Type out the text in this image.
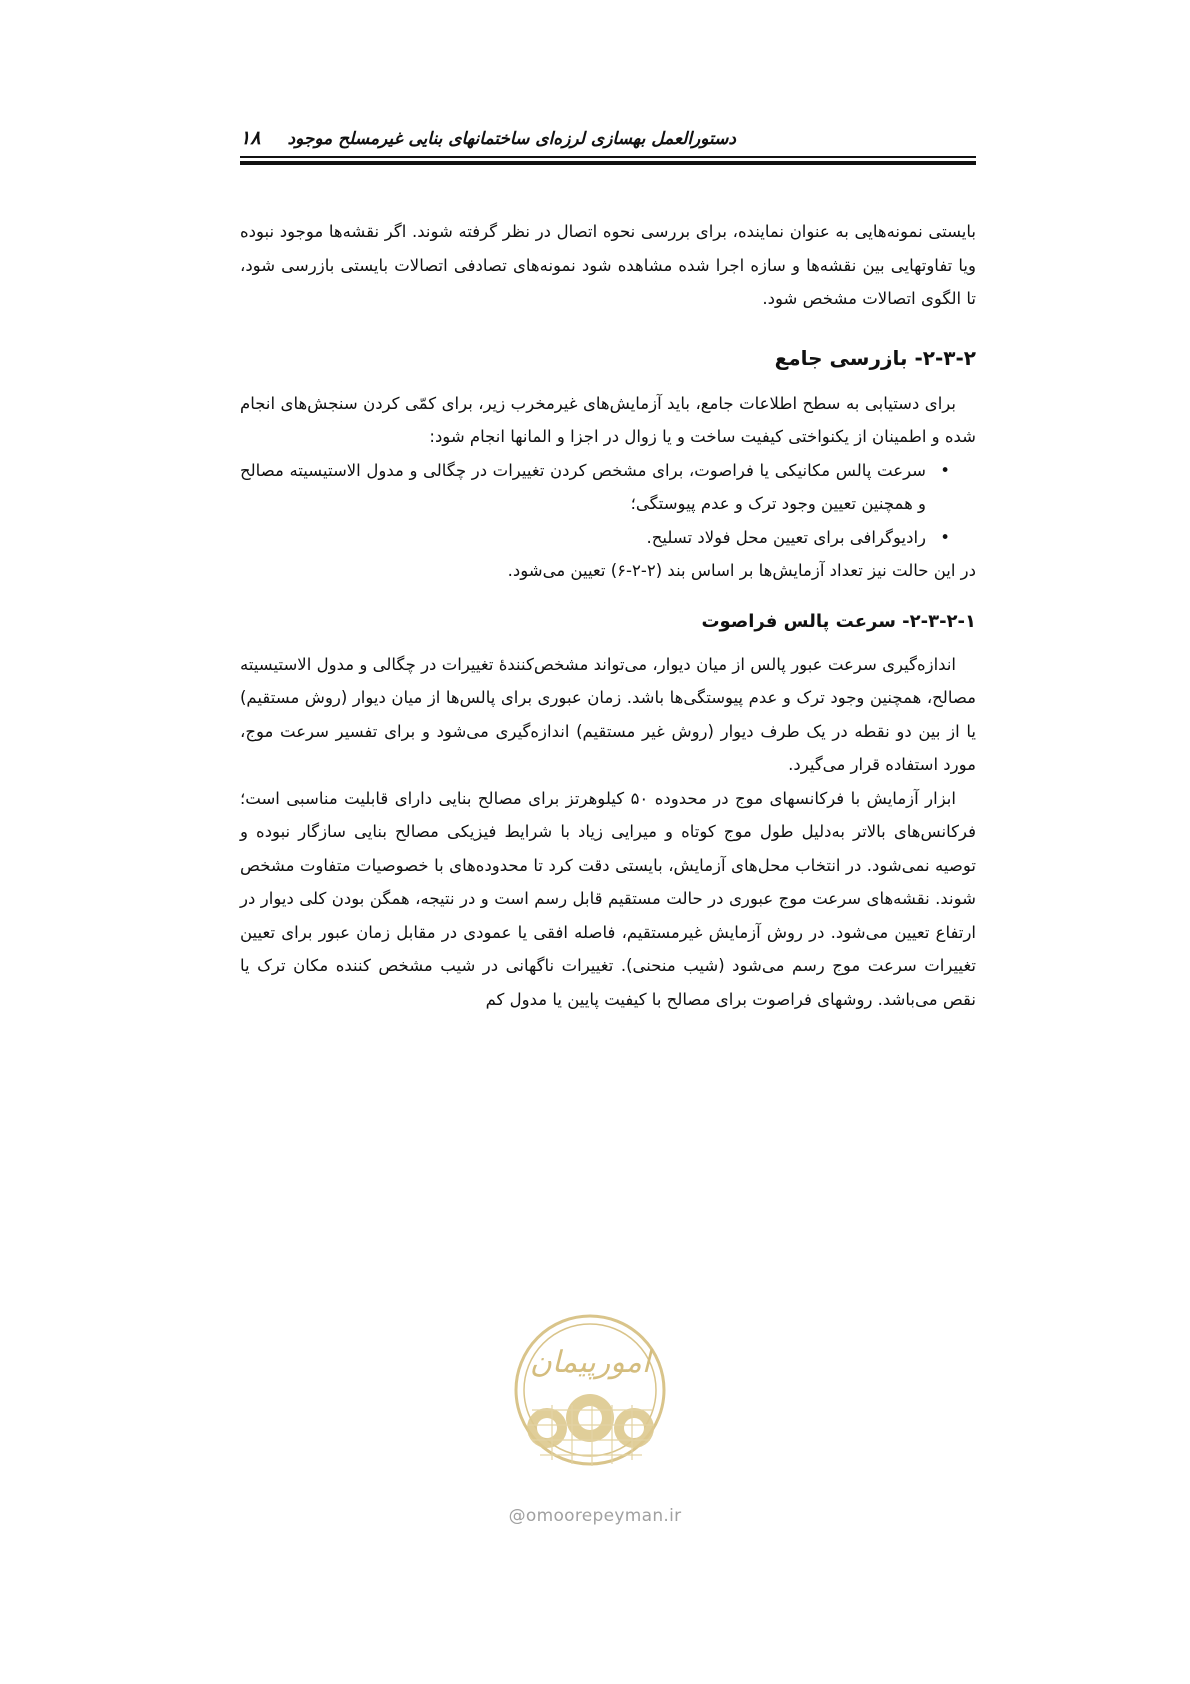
دستورالعمل بهسازی لرزه‌ای ساختمانهای بنایی غیرمسلح موجود
۱۸

بایستی نمونه‌هایی به عنوان نماینده، برای بررسی نحوه اتصال در نظر گرفته شوند. اگر نقشه‌ها موجود نبوده ویا تفاوتهایی بین نقشه‌ها و سازه اجرا شده مشاهده شود نمونه‌های تصادفی اتصالات بایستی بازرسی شود، تا الگوی اتصالات مشخص شود.

۲-۳-۲- بازرسی جامع

برای دستیابی به سطح اطلاعات جامع، باید آزمایش‌های غیرمخرب زیر، برای کمّی کردن سنجش‌های انجام شده و اطمینان از یکنواختی کیفیت ساخت و یا زوال در اجزا و المانها انجام شود:

•
سرعت پالس مکانیکی یا فراصوت، برای مشخص کردن تغییرات در چگالی و مدول الاستیسیته مصالح و همچنین تعیین وجود ترک و عدم پیوستگی؛
•
رادیوگرافی برای تعیین محل فولاد تسلیح.

در این حالت نیز تعداد آزمایش‌ها بر اساس بند (۲-۲-۶) تعیین می‌شود.

۲-۳-۲-۱- سرعت پالس فراصوت

اندازه‌گیری سرعت عبور پالس از میان دیوار، می‌تواند مشخص‌کنندهٔ تغییرات در چگالی و مدول الاستیسیته مصالح، همچنین وجود ترک و عدم پیوستگی‌ها باشد. زمان عبوری برای پالس‌ها از میان دیوار (روش مستقیم) یا از بین دو نقطه در یک طرف دیوار (روش غیر مستقیم) اندازه‌گیری می‌شود و برای تفسیر سرعت موج، مورد استفاده قرار می‌گیرد.

ابزار آزمایش با فرکانسهای موج در محدوده ۵۰ کیلوهرتز برای مصالح بنایی دارای قابلیت مناسبی است؛ فرکانس‌های بالاتر به‌دلیل طول موج کوتاه و میرایی زیاد با شرایط فیزیکی مصالح بنایی سازگار نبوده و توصیه نمی‌شود. در انتخاب محل‌های آزمایش، بایستی دقت کرد تا محدوده‌های با خصوصیات متفاوت مشخص شوند. نقشه‌های سرعت موج عبوری در حالت مستقیم قابل رسم است و در نتیجه، همگن بودن کلی دیوار در ارتفاع تعیین می‌شود. در روش آزمایش غیرمستقیم، فاصله افقی یا عمودی در مقابل زمان عبور برای تعیین تغییرات سرعت موج رسم می‌شود (شیب منحنی). تغییرات ناگهانی در شیب مشخص کننده مکان ترک یا نقص می‌باشد. روشهای فراصوت برای مصالح با کیفیت پایین یا مدول کم

امورپیمان
@omoorepeyman.ir
